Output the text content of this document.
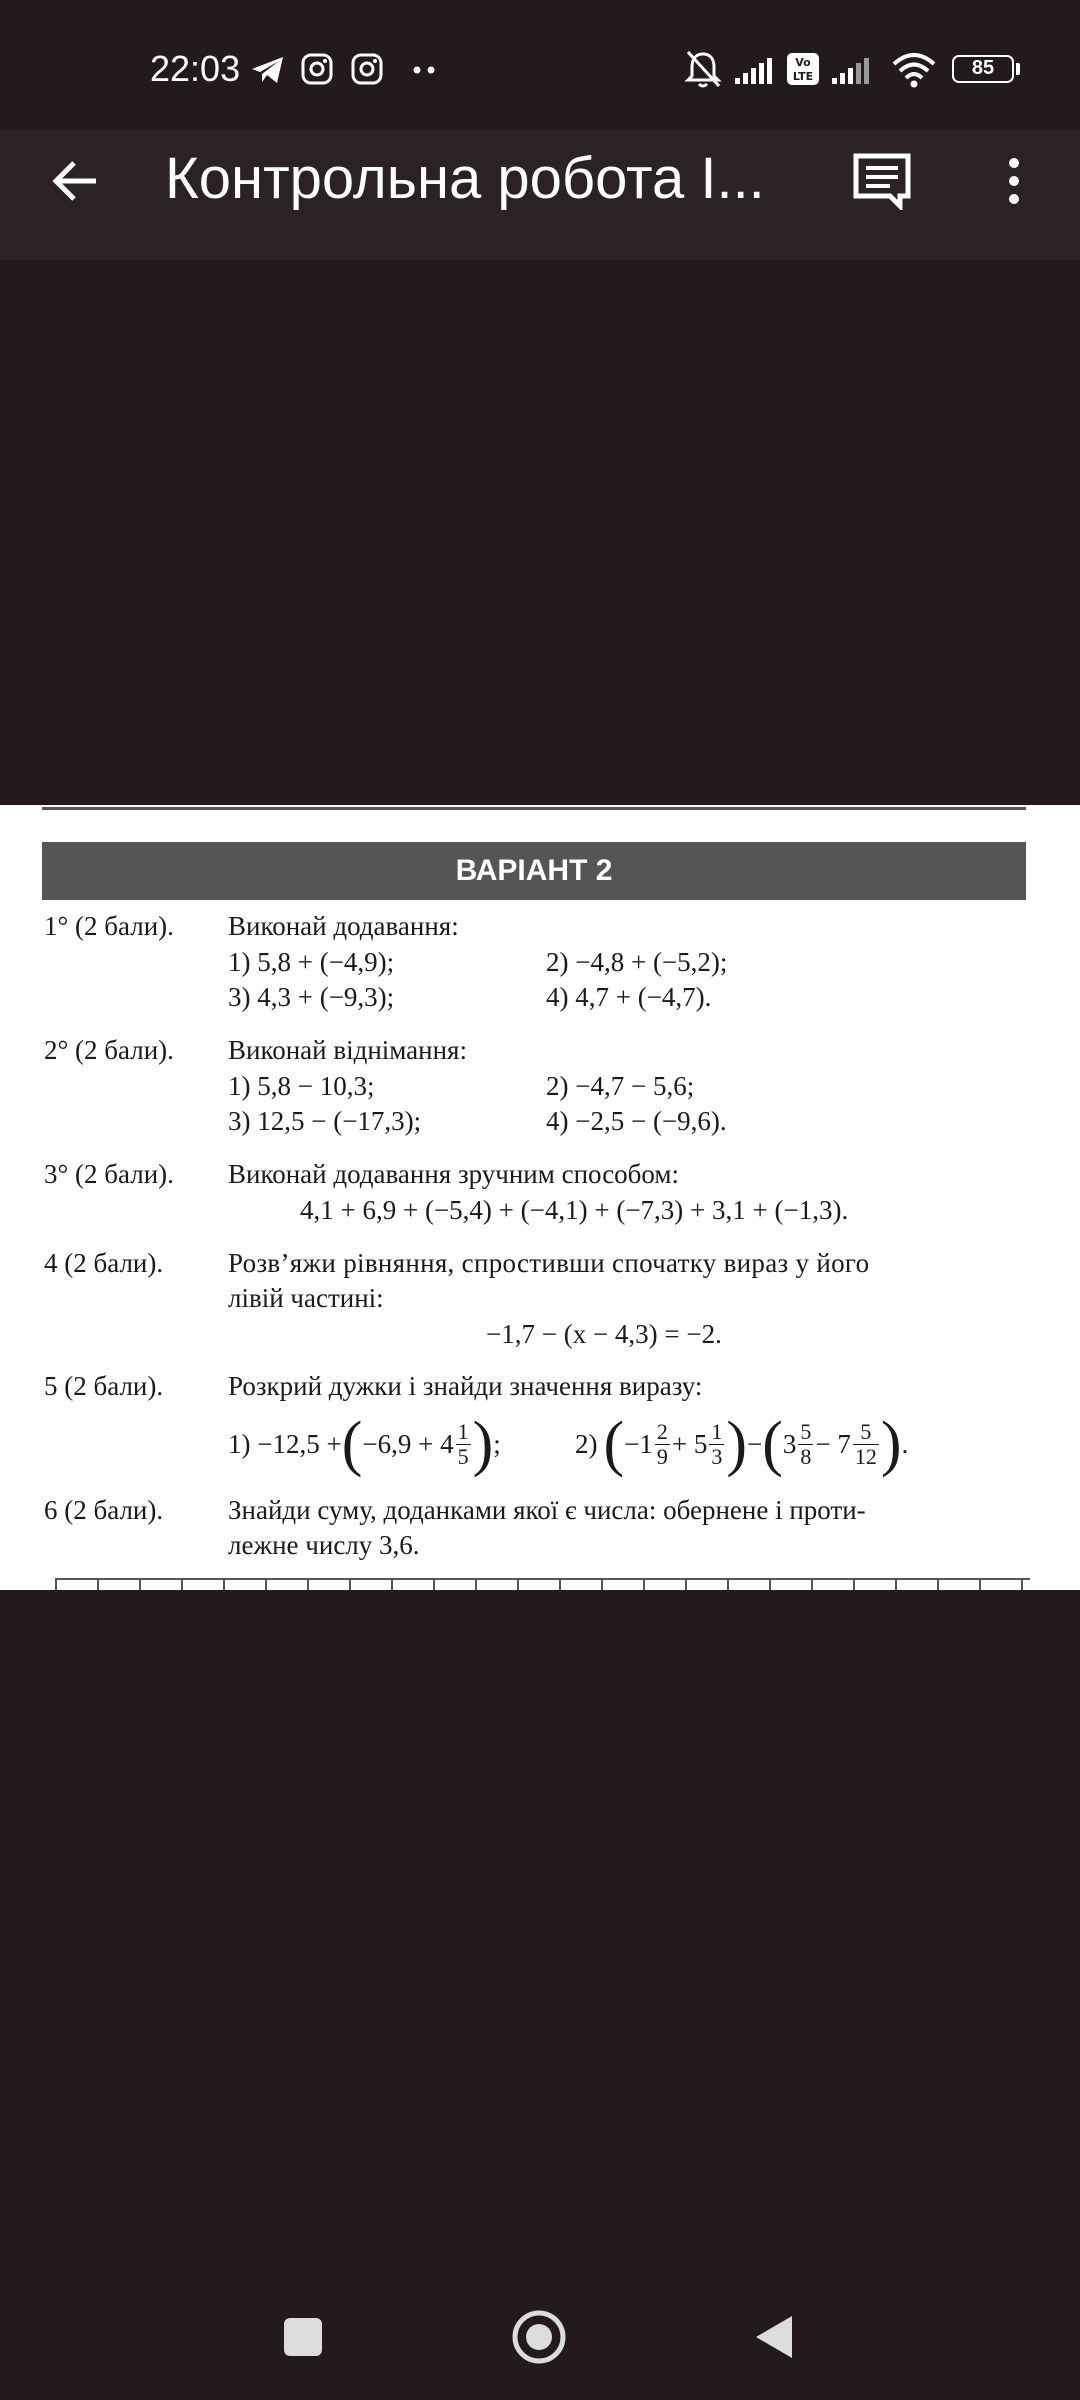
22:03	Vo
LTE	85
Контрольна робота І...
ВАРІАНТ 2
1° (2 бали). Виконай додавання:
1) 5,8 + (−4,9);	2) −4,8 + (−5,2);
3) 4,3 + (−9,3);	4) 4,7 + (−4,7).
2° (2 бали). Виконай віднімання:
1) 5,8 − 10,3;	2) −4,7 − 5,6;
3) 12,5 − (−17,3);	4) −2,5 − (−9,6).
3° (2 бали). Виконай додавання зручним способом:
4,1 + 6,9 + (−5,4) + (−4,1) + (−7,3) + 3,1 + (−1,3).
4 (2 бали). Розв’яжи рівняння, спростивши спочатку вираз у його
лівій частині:
−1,7 − (x − 4,3) = −2.
5 (2 бали). Розкрий дужки і знайди значення виразу:
1) −12,5 + ( $-6,9 + 4 \frac{1}{5}$ ) ;	2) ( $-1 \frac{2}{9} + 5 \frac{1}{3}$ ) − ( $3 \frac{5}{8} - 7 \frac{5}{12}$ ) .
6 (2 бали). Знайди суму, доданками якої є числа: обернене і проти-
лежне числу 3,6.
